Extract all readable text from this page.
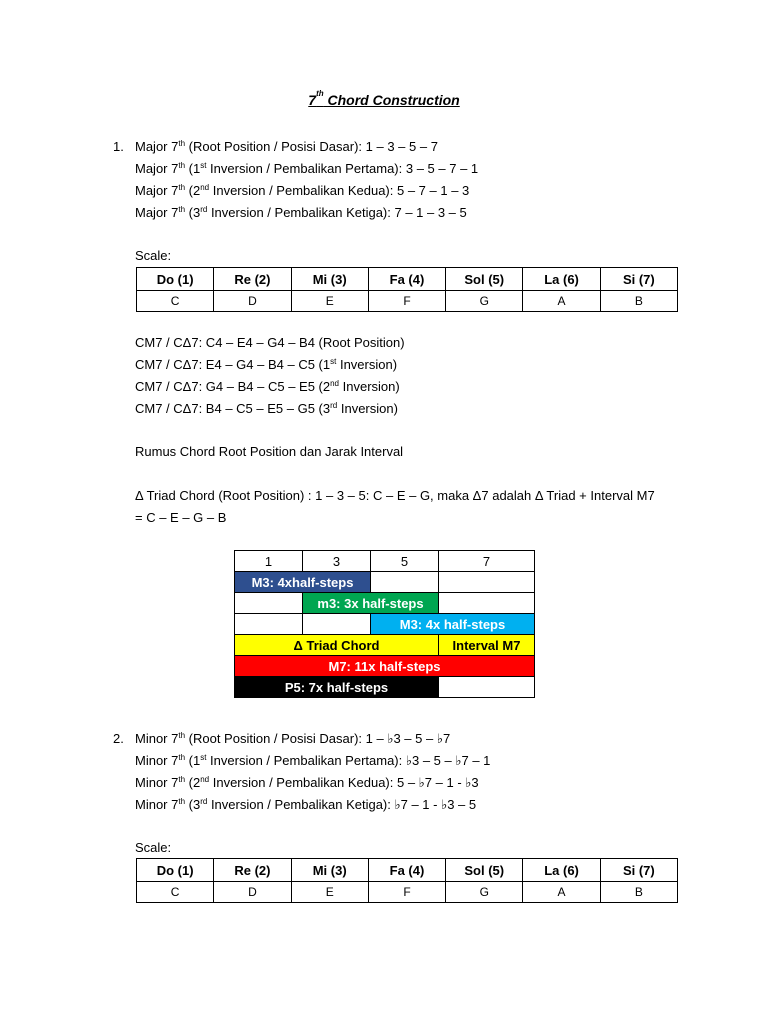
7th Chord Construction
1. Major 7th (Root Position / Posisi Dasar): 1 – 3 – 5 – 7
Major 7th (1st Inversion / Pembalikan Pertama): 3 – 5 – 7 – 1
Major 7th (2nd Inversion / Pembalikan Kedua): 5 – 7 – 1 – 3
Major 7th (3rd Inversion / Pembalikan Ketiga): 7 – 1 – 3 – 5
Scale:
Do (1)	Re (2)	Mi (3)	Fa (4)	Sol (5)	La (6)	Si (7)
C	D	E	F	G	A	B
CM7 / CΔ7: C4 – E4 – G4 – B4 (Root Position)
CM7 / CΔ7: E4 – G4 – B4 – C5 (1st Inversion)
CM7 / CΔ7: G4 – B4 – C5 – E5 (2nd Inversion)
CM7 / CΔ7: B4 – C5 – E5 – G5 (3rd Inversion)
Rumus Chord Root Position dan Jarak Interval
Δ Triad Chord (Root Position) : 1 – 3 – 5: C – E – G, maka Δ7 adalah Δ Triad + Interval M7
= C – E – G – B
1	3	5	7
M3: 4xhalf-steps			
	m3: 3x half-steps		
		M3: 4x half-steps	
Δ Triad Chord			Interval M7
M7: 11x half-steps			
P5: 7x half-steps			
2. Minor 7th (Root Position / Posisi Dasar): 1 – ♭3 – 5 – ♭7
Minor 7th (1st Inversion / Pembalikan Pertama): ♭3 – 5 – ♭7 – 1
Minor 7th (2nd Inversion / Pembalikan Kedua): 5 – ♭7 – 1 - ♭3
Minor 7th (3rd Inversion / Pembalikan Ketiga): ♭7 – 1 - ♭3 – 5
Scale:
Do (1)	Re (2)	Mi (3)	Fa (4)	Sol (5)	La (6)	Si (7)
C	D	E	F	G	A	B
